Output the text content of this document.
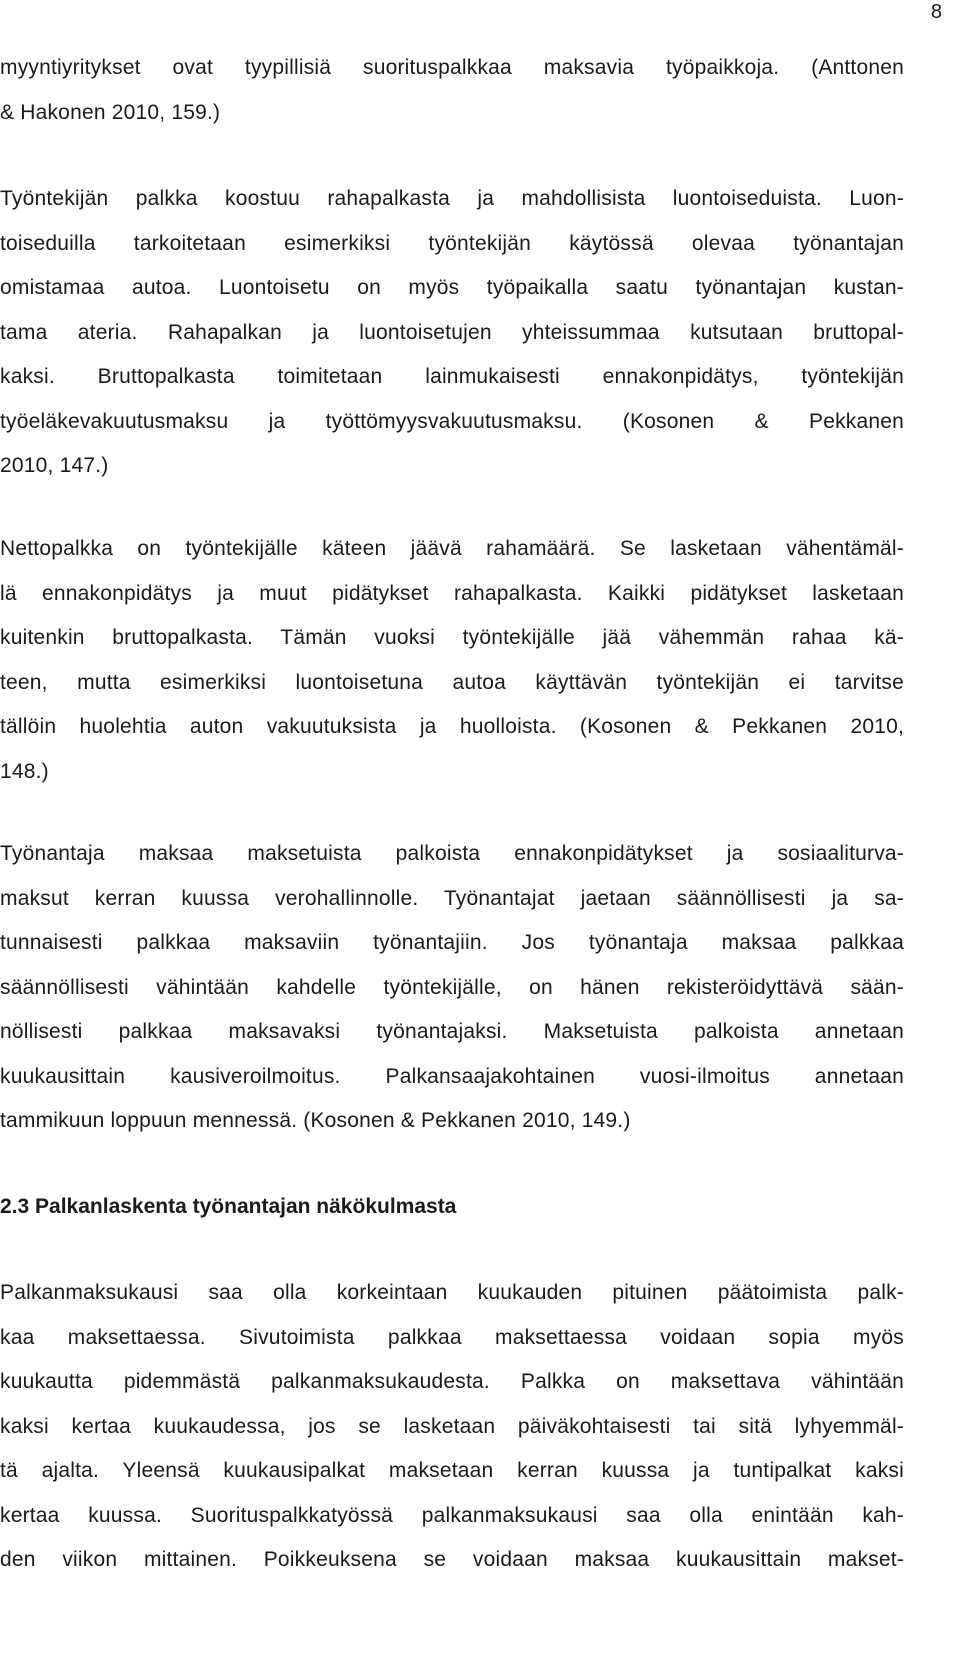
8
myyntiyritykset ovat tyypillisiä suorituspalkkaa maksavia työpaikkoja. (Anttonen
& Hakonen 2010, 159.)
Työntekijän palkka koostuu rahapalkasta ja mahdollisista luontoiseduista. Luon-
toiseduilla tarkoitetaan esimerkiksi työntekijän käytössä olevaa työnantajan
omistamaa autoa. Luontoisetu on myös työpaikalla saatu työnantajan kustan-
tama ateria. Rahapalkan ja luontoisetujen yhteissummaa kutsutaan bruttopal-
kaksi. Bruttopalkasta toimitetaan lainmukaisesti ennakonpidätys, työntekijän
työeläkevakuutusmaksu ja työttömyysvakuutusmaksu. (Kosonen & Pekkanen
2010, 147.)
Nettopalkka on työntekijälle käteen jäävä rahamäärä. Se lasketaan vähentämäl-
lä ennakonpidätys ja muut pidätykset rahapalkasta. Kaikki pidätykset lasketaan
kuitenkin bruttopalkasta. Tämän vuoksi työntekijälle jää vähemmän rahaa kä-
teen, mutta esimerkiksi luontoisetuna autoa käyttävän työntekijän ei tarvitse
tällöin huolehtia auton vakuutuksista ja huolloista. (Kosonen & Pekkanen 2010,
148.)
Työnantaja maksaa maksetuista palkoista ennakonpidätykset ja sosiaaliturva-
maksut kerran kuussa verohallinnolle. Työnantajat jaetaan säännöllisesti ja sa-
tunnaisesti palkkaa maksaviin työnantajiin. Jos työnantaja maksaa palkkaa
säännöllisesti vähintään kahdelle työntekijälle, on hänen rekisteröidyttävä sään-
nöllisesti palkkaa maksavaksi työnantajaksi. Maksetuista palkoista annetaan
kuukausittain kausiveroilmoitus. Palkansaajakohtainen vuosi-ilmoitus annetaan
tammikuun loppuun mennessä. (Kosonen & Pekkanen 2010, 149.)
2.3 Palkanlaskenta työnantajan näkökulmasta
Palkanmaksukausi saa olla korkeintaan kuukauden pituinen päätoimista palk-
kaa maksettaessa. Sivutoimista palkkaa maksettaessa voidaan sopia myös
kuukautta pidemmästä palkanmaksukaudesta. Palkka on maksettava vähintään
kaksi kertaa kuukaudessa, jos se lasketaan päiväkohtaisesti tai sitä lyhyemmäl-
tä ajalta. Yleensä kuukausipalkat maksetaan kerran kuussa ja tuntipalkat kaksi
kertaa kuussa. Suorituspalkkatyössä palkanmaksukausi saa olla enintään kah-
den viikon mittainen. Poikkeuksena se voidaan maksaa kuukausittain makset-
